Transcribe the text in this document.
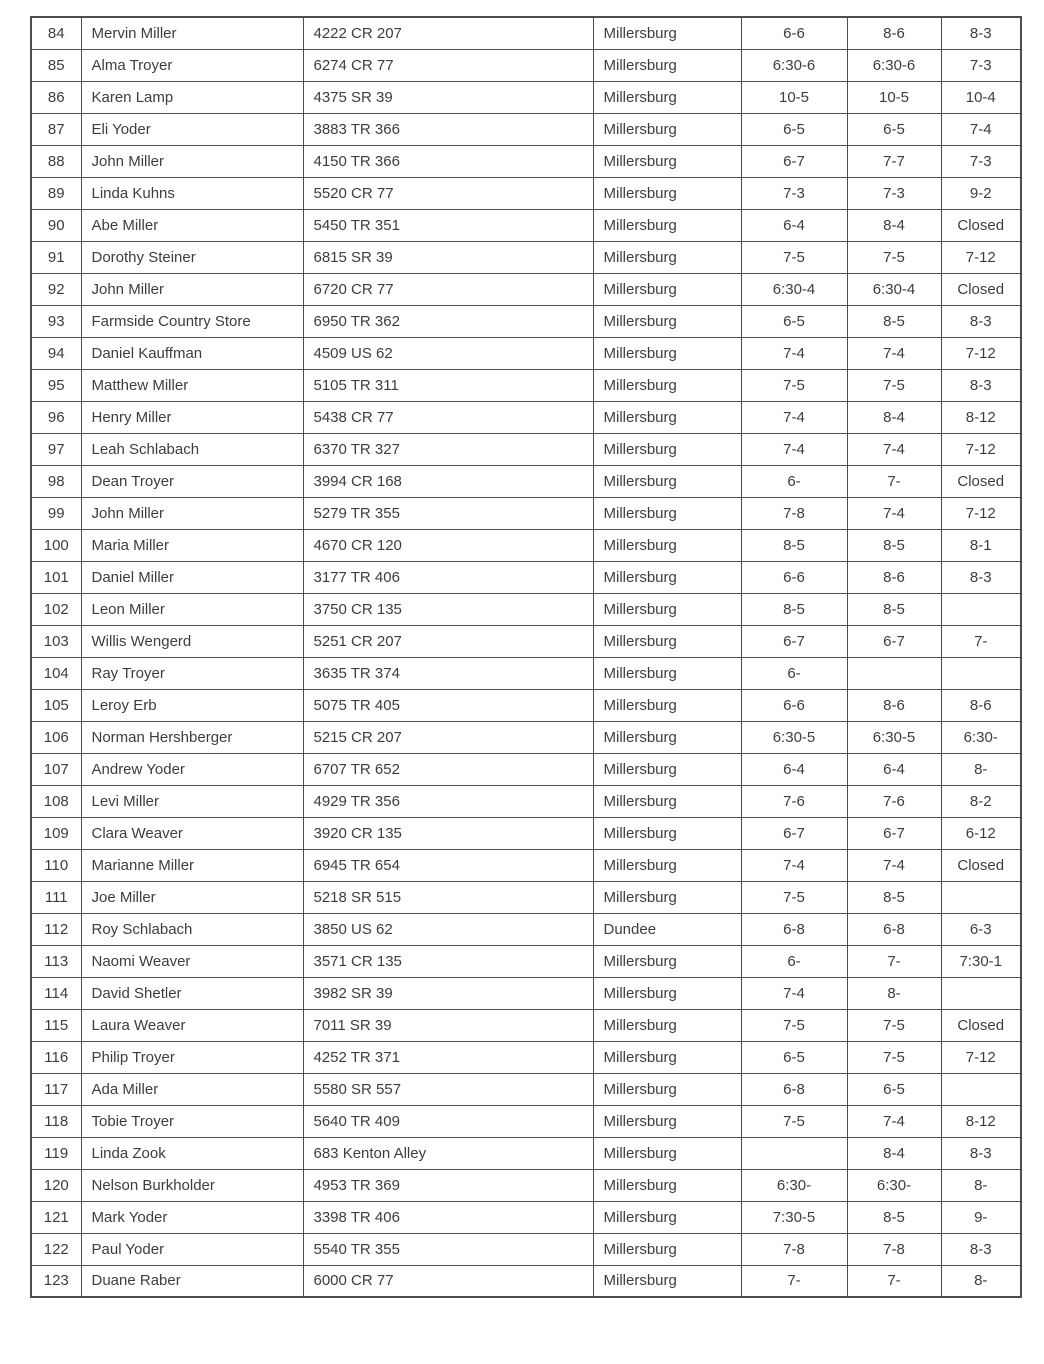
84	Mervin Miller	4222 CR 207	Millersburg	6-6	8-6	8-3
85	Alma Troyer	6274 CR 77	Millersburg	6:30-6	6:30-6	7-3
86	Karen Lamp	4375 SR 39	Millersburg	10-5	10-5	10-4
87	Eli Yoder	3883 TR 366	Millersburg	6-5	6-5	7-4
88	John Miller	4150 TR 366	Millersburg	6-7	7-7	7-3
89	Linda Kuhns	5520 CR 77	Millersburg	7-3	7-3	9-2
90	Abe Miller	5450 TR 351	Millersburg	6-4	8-4	Closed
91	Dorothy Steiner	6815 SR 39	Millersburg	7-5	7-5	7-12
92	John Miller	6720 CR 77	Millersburg	6:30-4	6:30-4	Closed
93	Farmside Country Store	6950 TR 362	Millersburg	6-5	8-5	8-3
94	Daniel Kauffman	4509 US 62	Millersburg	7-4	7-4	7-12
95	Matthew Miller	5105 TR 311	Millersburg	7-5	7-5	8-3
96	Henry Miller	5438 CR 77	Millersburg	7-4	8-4	8-12
97	Leah Schlabach	6370 TR 327	Millersburg	7-4	7-4	7-12
98	Dean Troyer	3994 CR 168	Millersburg	6-	7-	Closed
99	John Miller	5279 TR 355	Millersburg	7-8	7-4	7-12
100	Maria Miller	4670 CR 120	Millersburg	8-5	8-5	8-1
101	Daniel Miller	3177 TR 406	Millersburg	6-6	8-6	8-3
102	Leon Miller	3750 CR 135	Millersburg	8-5	8-5	
103	Willis Wengerd	5251 CR 207	Millersburg	6-7	6-7	7-
104	Ray Troyer	3635 TR 374	Millersburg	6-		
105	Leroy Erb	5075 TR 405	Millersburg	6-6	8-6	8-6
106	Norman Hershberger	5215 CR 207	Millersburg	6:30-5	6:30-5	6:30-
107	Andrew Yoder	6707 TR 652	Millersburg	6-4	6-4	8-
108	Levi Miller	4929 TR 356	Millersburg	7-6	7-6	8-2
109	Clara Weaver	3920 CR 135	Millersburg	6-7	6-7	6-12
110	Marianne Miller	6945 TR 654	Millersburg	7-4	7-4	Closed
111	Joe Miller	5218 SR 515	Millersburg	7-5	8-5	
112	Roy Schlabach	3850 US 62	Dundee	6-8	6-8	6-3
113	Naomi Weaver	3571 CR 135	Millersburg	6-	7-	7:30-1
114	David Shetler	3982 SR 39	Millersburg	7-4	8-	
115	Laura Weaver	7011 SR 39	Millersburg	7-5	7-5	Closed
116	Philip Troyer	4252 TR 371	Millersburg	6-5	7-5	7-12
117	Ada Miller	5580 SR 557	Millersburg	6-8	6-5	
118	Tobie Troyer	5640 TR 409	Millersburg	7-5	7-4	8-12
119	Linda Zook	683 Kenton Alley	Millersburg		8-4	8-3
120	Nelson Burkholder	4953 TR 369	Millersburg	6:30-	6:30-	8-
121	Mark Yoder	3398 TR 406	Millersburg	7:30-5	8-5	9-
122	Paul Yoder	5540 TR 355	Millersburg	7-8	7-8	8-3
123	Duane Raber	6000 CR 77	Millersburg	7-	7-	8-
